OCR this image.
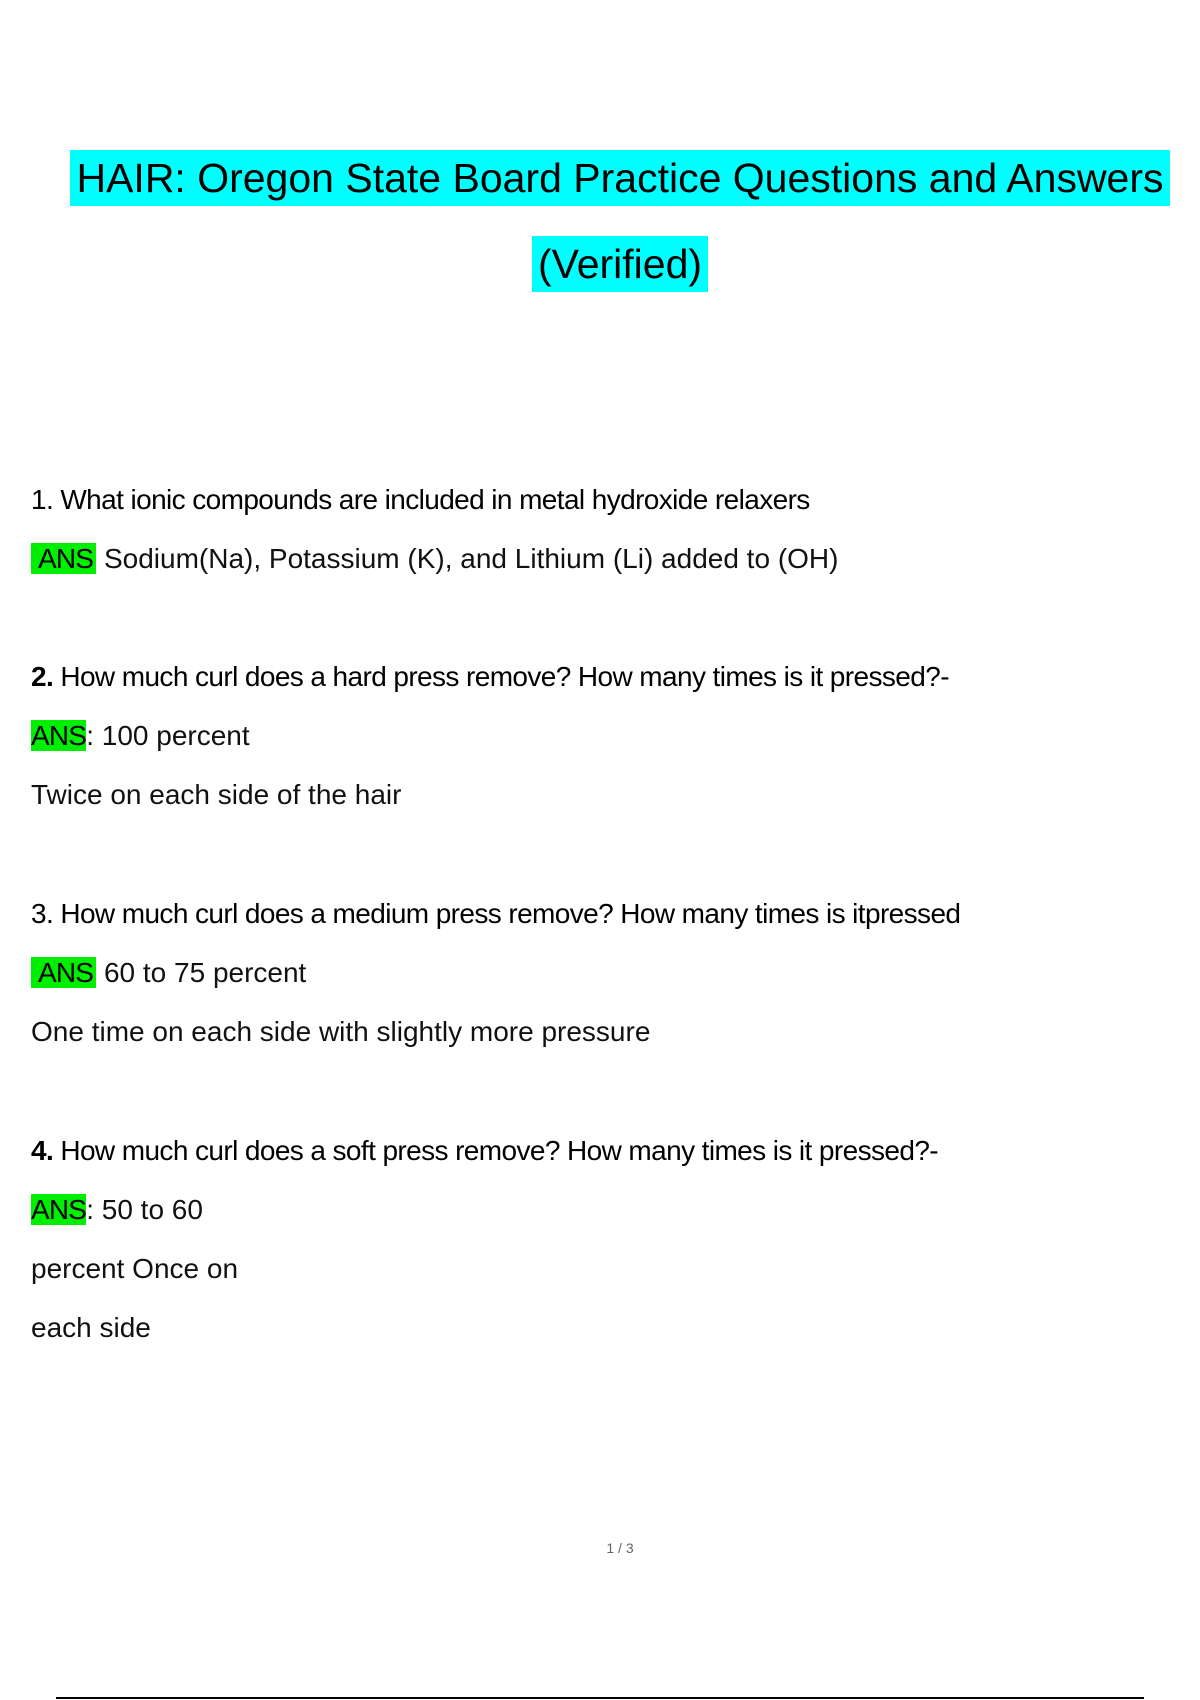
HAIR: Oregon State Board Practice Questions and Answers
(Verified)

1. What ionic compounds are included in metal hydroxide relaxers

ANS Sodium(Na), Potassium (K), and Lithium (Li) added to (OH)

2. How much curl does a hard press remove? How many times is it pressed?-

ANS: 100 percent

Twice on each side of the hair

3. How much curl does a medium press remove? How many times is itpressed

ANS 60 to 75 percent

One time on each side with slightly more pressure

4. How much curl does a soft press remove? How many times is it pressed?-

ANS: 50 to 60

percent Once on

each side

1 / 3
